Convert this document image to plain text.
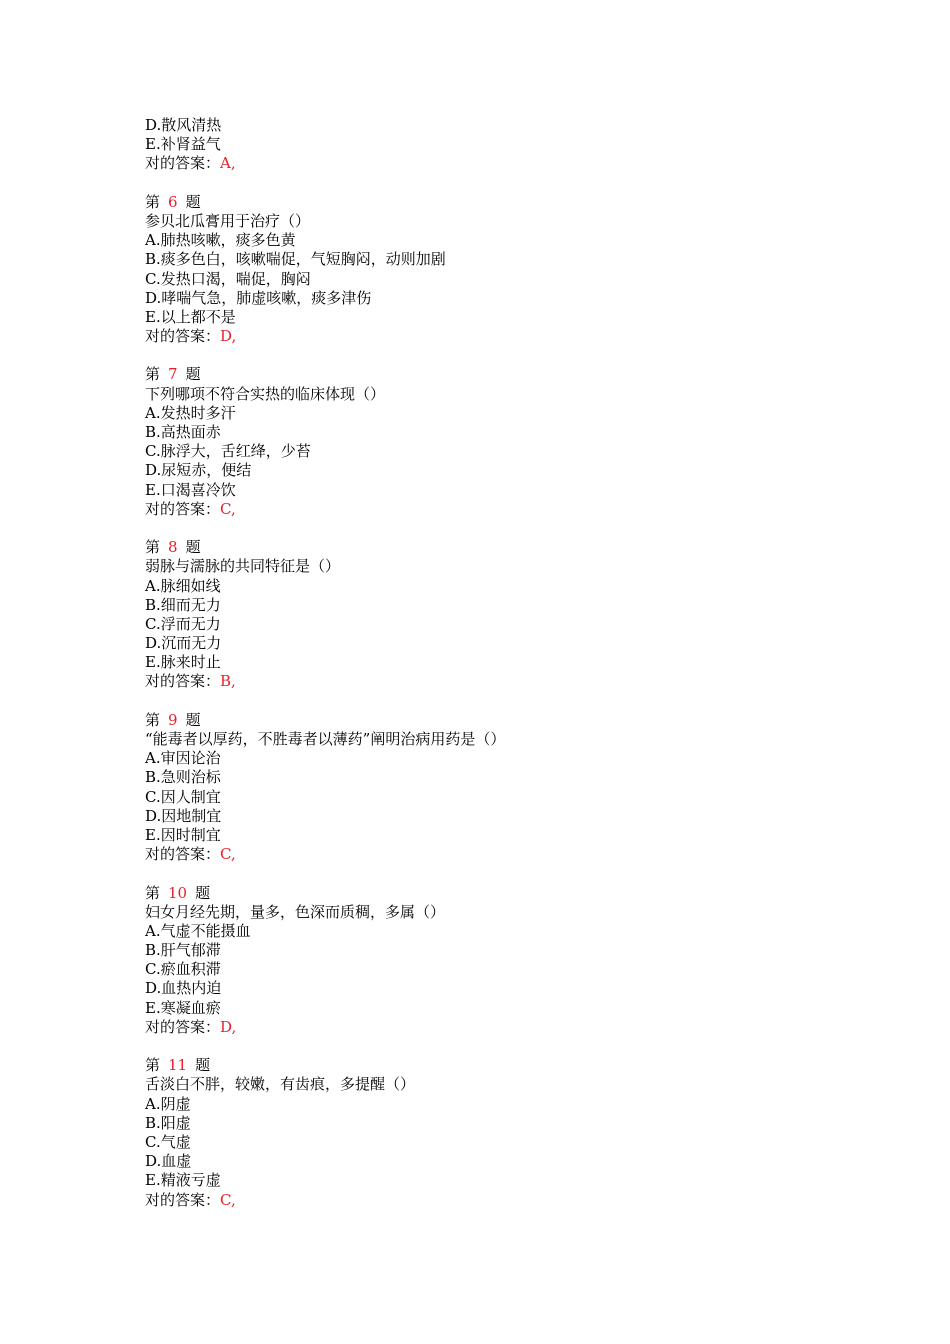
D.散风清热
E.补肾益气
对的答案：A,
第 6 题
参贝北瓜膏用于治疗（）
A.肺热咳嗽，痰多色黄
B.痰多色白，咳嗽喘促，气短胸闷，动则加剧
C.发热口渴，喘促，胸闷
D.哮喘气急，肺虚咳嗽，痰多津伤
E.以上都不是
对的答案：D,
第 7 题
下列哪项不符合实热的临床体现（）
A.发热时多汗
B.高热面赤
C.脉浮大，舌红绛，少苔
D.尿短赤，便结
E.口渴喜冷饮
对的答案：C,
第 8 题
弱脉与濡脉的共同特征是（）
A.脉细如线
B.细而无力
C.浮而无力
D.沉而无力
E.脉来时止
对的答案：B,
第 9 题
“能毒者以厚药，不胜毒者以薄药”阐明治病用药是（）
A.审因论治
B.急则治标
C.因人制宜
D.因地制宜
E.因时制宜
对的答案：C,
第 10 题
妇女月经先期，量多，色深而质稠，多属（）
A.气虚不能摄血
B.肝气郁滞
C.瘀血积滞
D.血热内迫
E.寒凝血瘀
对的答案：D,
第 11 题
舌淡白不胖，较嫩，有齿痕，多提醒（）
A.阴虚
B.阳虚
C.气虚
D.血虚
E.精液亏虚
对的答案：C,
